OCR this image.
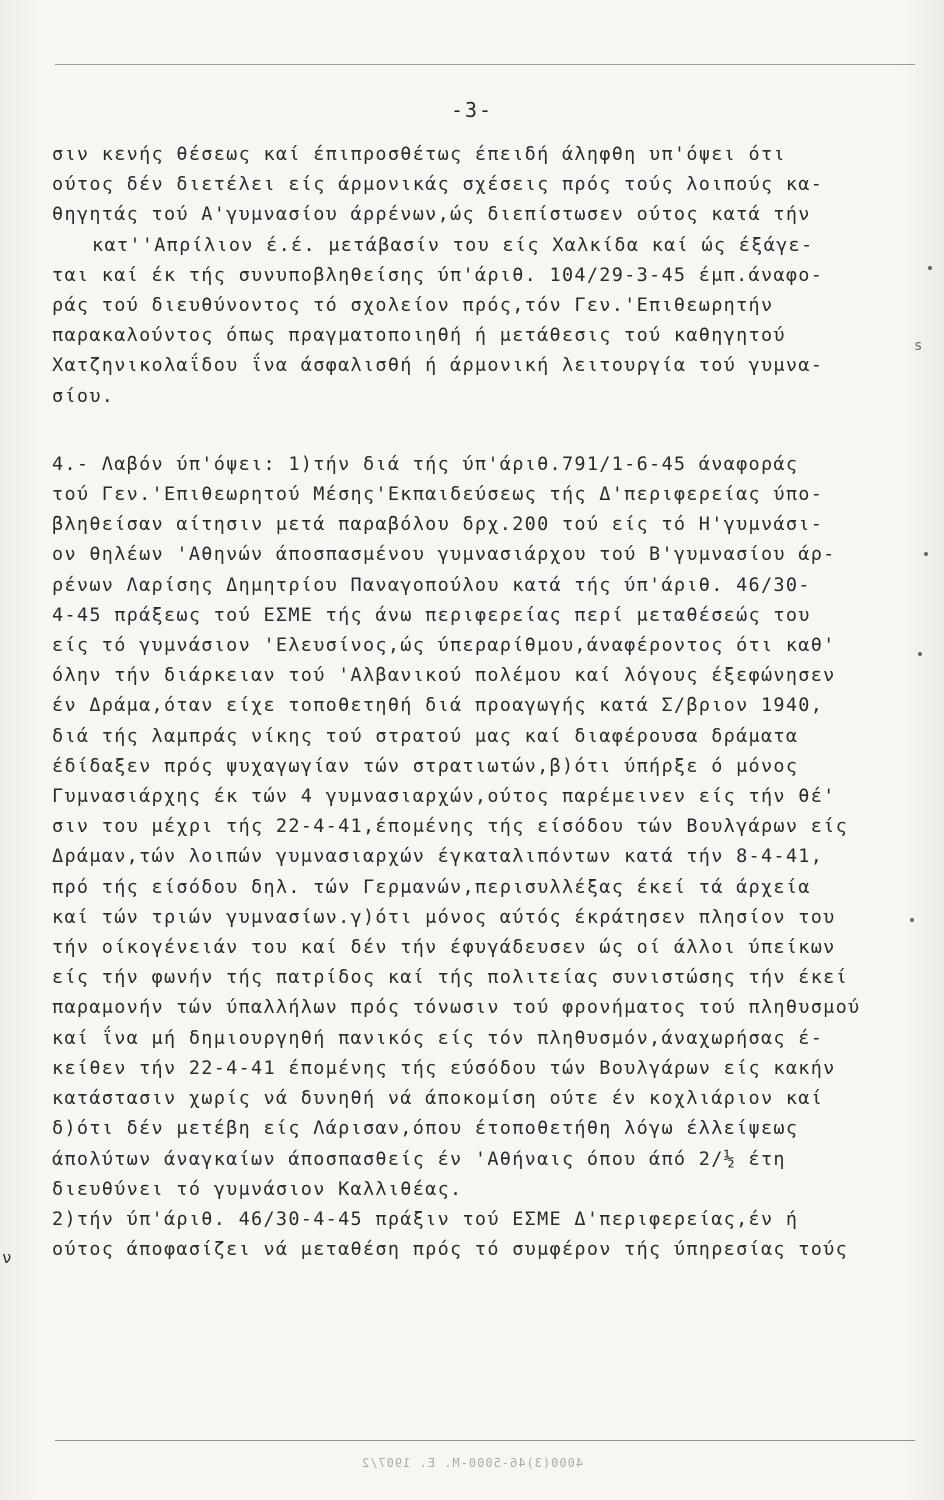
-3-
σιν κενής θέσεως καί έπιπροσθέτως έπειδή άληφθη υπ'όψει ότι
ούτος δέν διετέλει είς άρμονικάς σχέσεις πρός τούς λοιπούς κα-
θηγητάς τού Α'γυμνασίου άρρένων,ώς διεπίστωσεν ούτος κατά τήν
κατ''Απρίλιον έ.έ. μετάβασίν του είς Χαλκίδα καί ώς έξάγε-
ται καί έκ τής συνυποβληθείσης ύπ'άριθ. 104/29-3-45 έμπ.άναφο-
ράς τού διευθύνοντος τό σχολείον πρός,τόν Γεν.'Επιθεωρητήν
παρακαλούντος όπως πραγματοποιηθή ή μετάθεσις τού καθηγητού
Χατζηνικολαΐδου ΐνα άσφαλισθή ή άρμονική λειτουργία τού γυμνα-
σίου.
4.- Λαβόν ύπ'όψει: 1)τήν διά τής ύπ'άριθ.791/1-6-45 άναφοράς
τού Γεν.'Επιθεωρητού Μέσης'Εκπαιδεύσεως τής Δ'περιφερείας ύπο-
βληθείσαν αίτησιν μετά παραβόλου δρχ.200 τού είς τό Η'γυμνάσι-
ον θηλέων 'Αθηνών άποσπασμένου γυμνασιάρχου τού Β'γυμνασίου άρ-
ρένων Λαρίσης Δημητρίου Παναγοπούλου κατά τής ύπ'άριθ. 46/30-
4-45 πράξεως τού ΕΣΜΕ τής άνω περιφερείας περί μεταθέσεώς του
είς τό γυμνάσιον 'Ελευσίνος,ώς ύπεραρίθμου,άναφέροντος ότι καθ'
όλην τήν διάρκειαν τού 'Αλβανικού πολέμου καί λόγους έξεφώνησεν
έν Δράμα,όταν είχε τοποθετηθή διά προαγωγής κατά Σ/βριον 1940,
διά τής λαμπράς νίκης τού στρατού μας καί διαφέρουσα δράματα
έδίδαξεν πρός ψυχαγωγίαν τών στρατιωτών,β)ότι ύπήρξε ό μόνος
Γυμνασιάρχης έκ τών 4 γυμνασιαρχών,ούτος παρέμεινεν είς τήν θέ'
σιν του μέχρι τής 22-4-41,έπομένης τής είσόδου τών Βουλγάρων είς
Δράμαν,τών λοιπών γυμνασιαρχών έγκαταλιπόντων κατά τήν 8-4-41,
πρό τής είσόδου δηλ. τών Γερμανών,περισυλλέξας έκεί τά άρχεία
καί τών τριών γυμνασίων.γ)ότι μόνος αύτός έκράτησεν πλησίον του
τήν οίκογένειάν του καί δέν τήν έφυγάδευσεν ώς οί άλλοι ύπείκων
είς τήν φωνήν τής πατρίδος καί τής πολιτείας συνιστώσης τήν έκεί
παραμονήν τών ύπαλλήλων πρός τόνωσιν τού φρονήματος τού πληθυσμού
καί ΐνα μή δημιουργηθή πανικός είς τόν πληθυσμόν,άναχωρήσας έ-
κείθεν τήν 22-4-41 έπομένης τής εύσόδου τών Βουλγάρων είς κακήν
κατάστασιν χωρίς νά δυνηθή νά άποκομίση ούτε έν κοχλιάριον καί
δ)ότι δέν μετέβη είς Λάρισαν,όπου έτοποθετήθη λόγω έλλείψεως
άπολύτων άναγκαίων άποσπασθείς έν 'Αθήναις όπου άπό 2/½ έτη
διευθύνει τό γυμνάσιον Καλλιθέας.
2)τήν ύπ'άριθ. 46/30-4-45 πράξιν τού ΕΣΜΕ Δ'περιφερείας,έν ή
ούτος άποφασίζει νά μεταθέση πρός τό συμφέρον τής ύπηρεσίας τούς
ν
s
4000(3)46-5000-Μ. Ε. 1907/2
